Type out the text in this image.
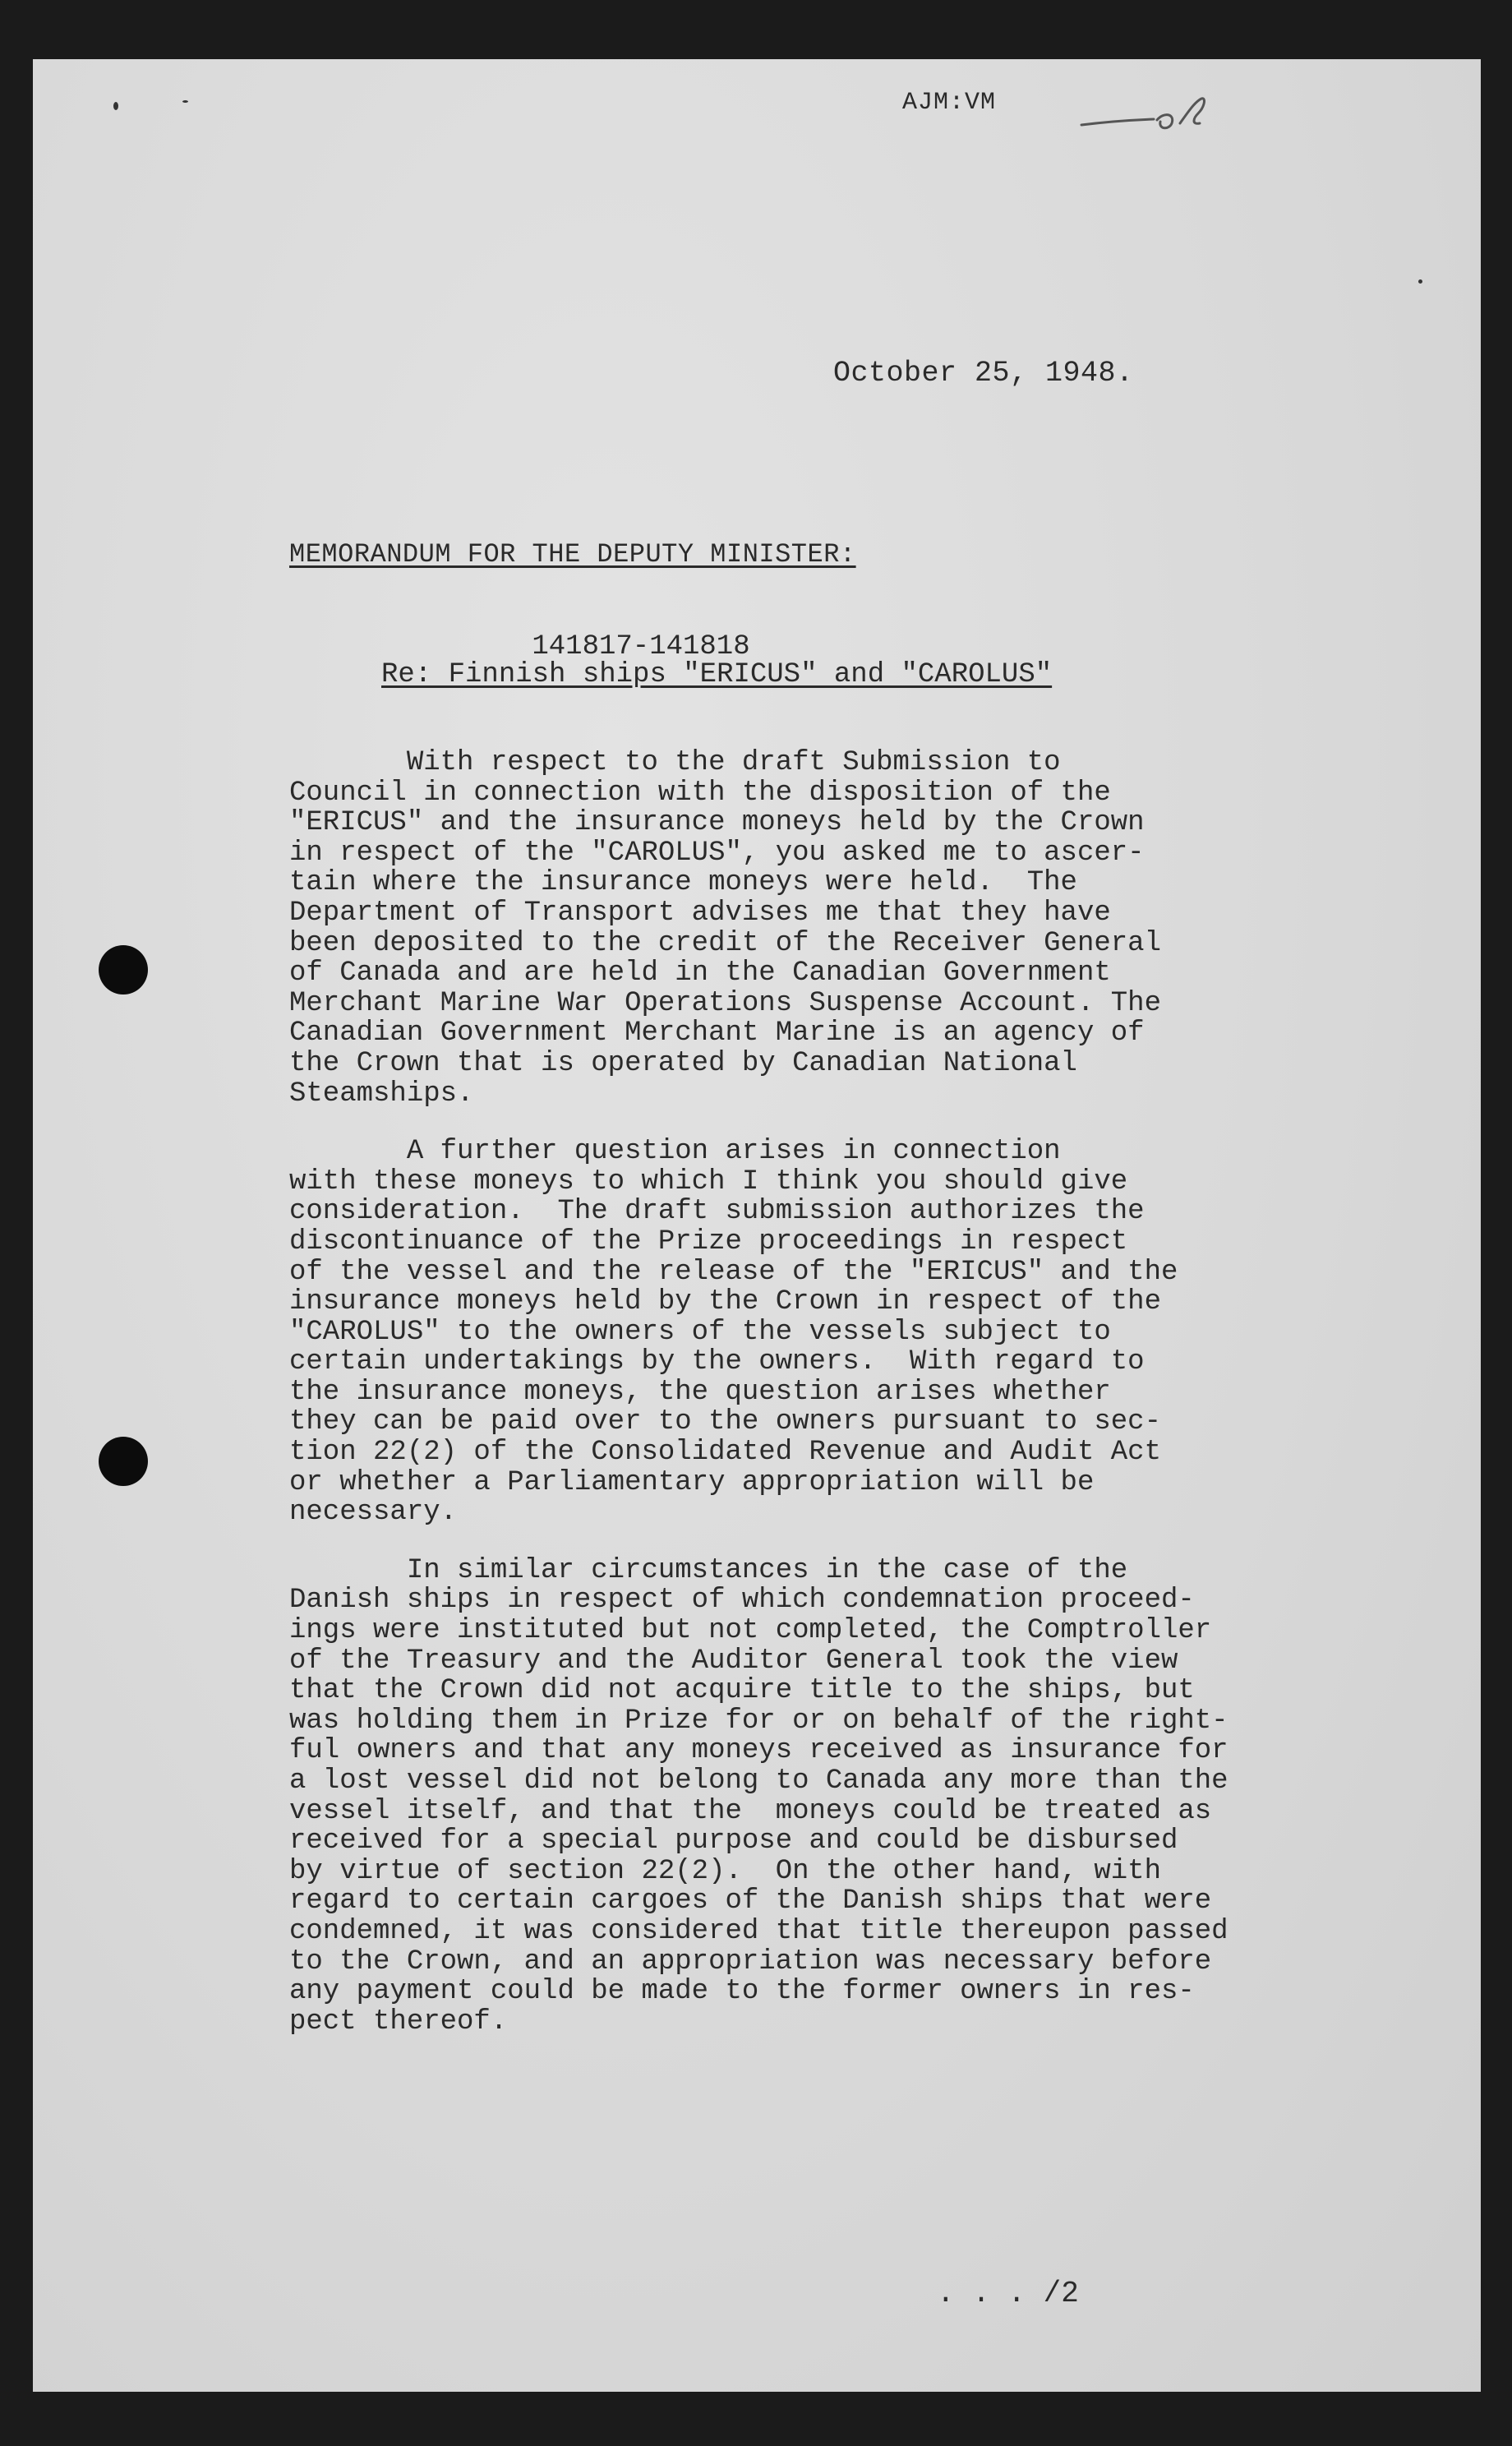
AJM:VM
October 25, 1948.
MEMORANDUM FOR THE DEPUTY MINISTER:
141817-141818
Re: Finnish ships "ERICUS" and "CAROLUS"

With respect to the draft Submission to
Council in connection with the disposition of the
"ERICUS" and the insurance moneys held by the Crown
in respect of the "CAROLUS", you asked me to ascer-
tain where the insurance moneys were held.  The
Department of Transport advises me that they have
been deposited to the credit of the Receiver General
of Canada and are held in the Canadian Government
Merchant Marine War Operations Suspense Account. The
Canadian Government Merchant Marine is an agency of
the Crown that is operated by Canadian National
Steamships.

A further question arises in connection
with these moneys to which I think you should give
consideration.  The draft submission authorizes the
discontinuance of the Prize proceedings in respect
of the vessel and the release of the "ERICUS" and the
insurance moneys held by the Crown in respect of the
"CAROLUS" to the owners of the vessels subject to
certain undertakings by the owners.  With regard to
the insurance moneys, the question arises whether
they can be paid over to the owners pursuant to sec-
tion 22(2) of the Consolidated Revenue and Audit Act
or whether a Parliamentary appropriation will be
necessary.

In similar circumstances in the case of the
Danish ships in respect of which condemnation proceed-
ings were instituted but not completed, the Comptroller
of the Treasury and the Auditor General took the view
that the Crown did not acquire title to the ships, but
was holding them in Prize for or on behalf of the right-
ful owners and that any moneys received as insurance for
a lost vessel did not belong to Canada any more than the
vessel itself, and that the  moneys could be treated as
received for a special purpose and could be disbursed
by virtue of section 22(2).  On the other hand, with
regard to certain cargoes of the Danish ships that were
condemned, it was considered that title thereupon passed
to the Crown, and an appropriation was necessary before
any payment could be made to the former owners in res-
pect thereof.

. . . /2
